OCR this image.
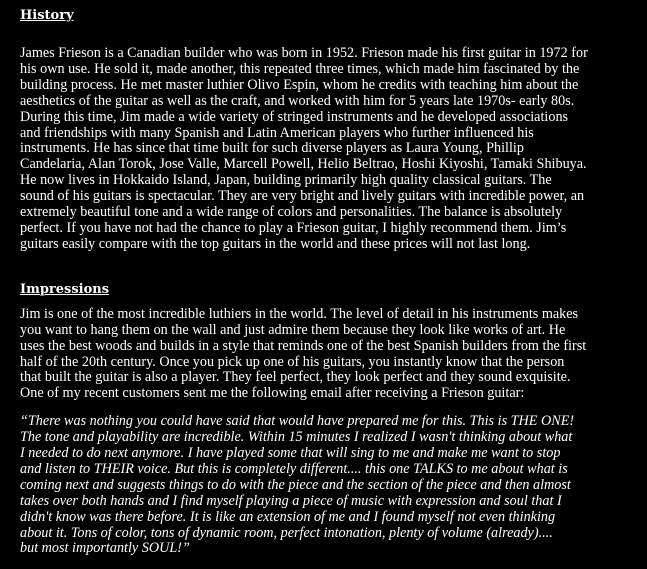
History
James Frieson is a Canadian builder who was born in 1952. Frieson made his first guitar in 1972 for
his own use. He sold it, made another, this repeated three times, which made him fascinated by the
building process. He met master luthier Olivo Espin, whom he credits with teaching him about the
aesthetics of the guitar as well as the craft, and worked with him for 5 years late 1970s- early 80s.
During this time, Jim made a wide variety of stringed instruments and he developed associations
and friendships with many Spanish and Latin American players who further influenced his
instruments. He has since that time built for such diverse players as Laura Young, Phillip
Candelaria, Alan Torok, Jose Valle, Marcell Powell, Helio Beltrao, Hoshi Kiyoshi, Tamaki Shibuya.
He now lives in Hokkaido Island, Japan, building primarily high quality classical guitars. The
sound of his guitars is spectacular. They are very bright and lively guitars with incredible power, an
extremely beautiful tone and a wide range of colors and personalities. The balance is absolutely
perfect. If you have not had the chance to play a Frieson guitar, I highly recommend them. Jim’s
guitars easily compare with the top guitars in the world and these prices will not last long.
Impressions
Jim is one of the most incredible luthiers in the world. The level of detail in his instruments makes
you want to hang them on the wall and just admire them because they look like works of art. He
uses the best woods and builds in a style that reminds one of the best Spanish builders from the first
half of the 20th century. Once you pick up one of his guitars, you instantly know that the person
that built the guitar is also a player. They feel perfect, they look perfect and they sound exquisite.
One of my recent customers sent me the following email after receiving a Frieson guitar:
“There was nothing you could have said that would have prepared me for this. This is THE ONE!
The tone and playability are incredible. Within 15 minutes I realized I wasn't thinking about what
I needed to do next anymore. I have played some that will sing to me and make me want to stop
and listen to THEIR voice. But this is completely different.... this one TALKS to me about what is
coming next and suggests things to do with the piece and the section of the piece and then almost
takes over both hands and I find myself playing a piece of music with expression and soul that I
didn't know was there before. It is like an extension of me and I found myself not even thinking
about it. Tons of color, tons of dynamic room, perfect intonation, plenty of volume (already)....
but most importantly SOUL!”
